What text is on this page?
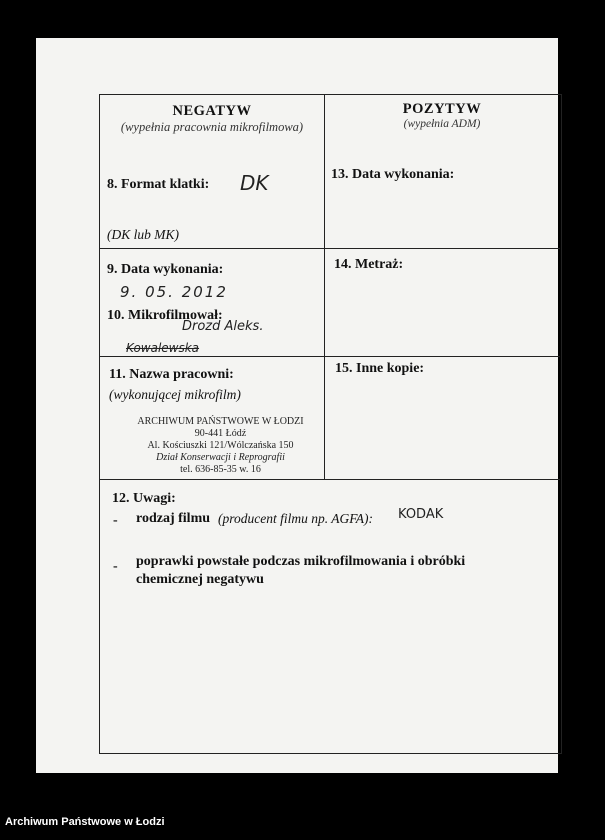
NEGATYW
(wypełnia pracownia mikrofilmowa)
POZYTYW
(wypełnia ADM)
8. Format klatki: DK
(DK lub MK)
13. Data wykonania:
9. Data wykonania:
9. 05. 2012
10. Mikrofilmował:
Drozd Aleks.
Kowalewska
14. Metraż:
11. Nazwa pracowni:
(wykonującej mikrofilm)
ARCHIWUM PAŃSTWOWE W ŁODZI
90-441 Łódź
Al. Kościuszki 121/Wólczańska 150
Dział Konserwacji i Reprografii
tel. 636-85-35 w. 16
15. Inne kopie:
12. Uwagi:
- rodzaj filmu (producent filmu np. AGFA): KODAK
- poprawki powstałe podczas mikrofilmowania i obróbki
chemicznej negatywu
Archiwum Państwowe w Łodzi
